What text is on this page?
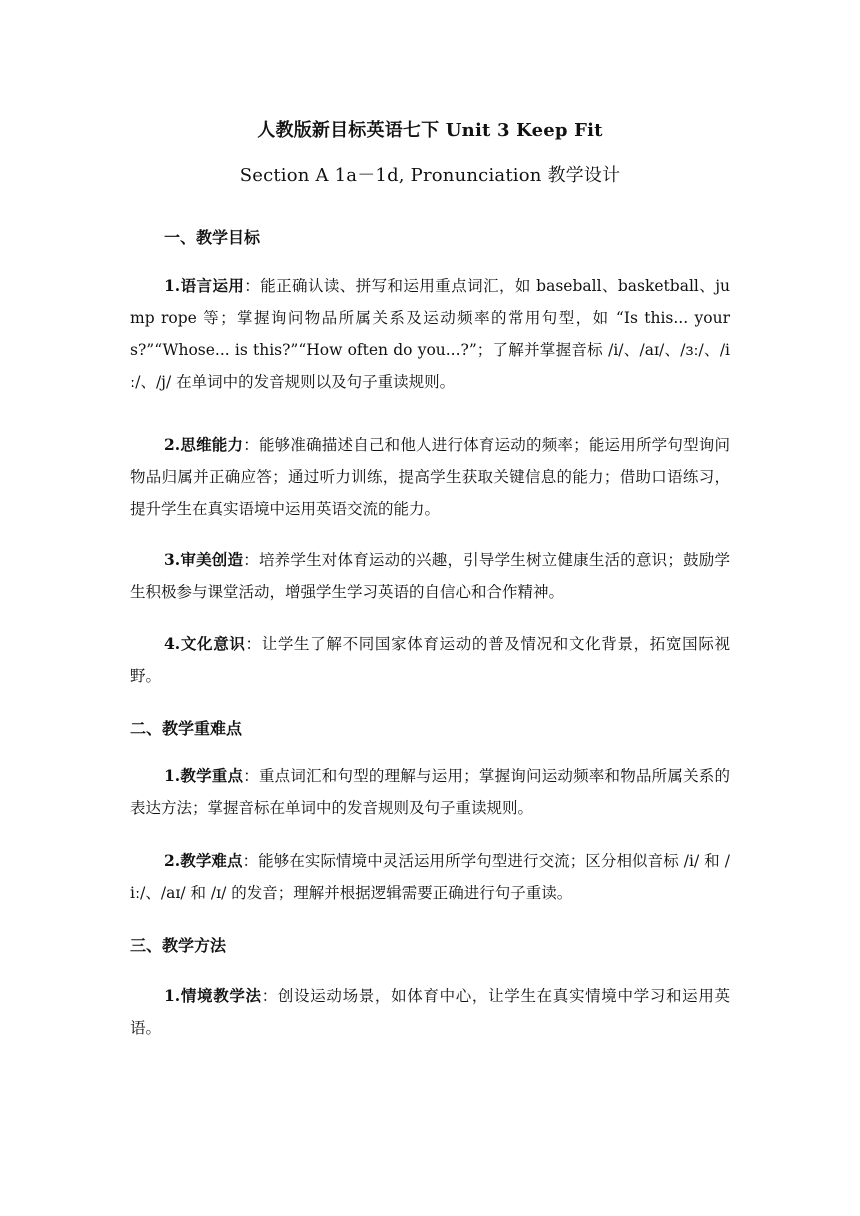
人教版新目标英语七下 Unit 3 Keep Fit
Section A 1a－1d, Pronunciation 教学设计
一、教学目标
1.语言运用：能正确认读、拼写和运用重点词汇，如 baseball、basketball、jump rope 等；掌握询问物品所属关系及运动频率的常用句型，如 “Is this... yours?”“Whose... is this?”“How often do you...?”；了解并掌握音标 /i/、/aɪ/、/ɜː/、/iː/、/j/ 在单词中的发音规则以及句子重读规则。
2.思维能力：能够准确描述自己和他人进行体育运动的频率；能运用所学句型询问物品归属并正确应答；通过听力训练，提高学生获取关键信息的能力；借助口语练习，提升学生在真实语境中运用英语交流的能力。
3.审美创造：培养学生对体育运动的兴趣，引导学生树立健康生活的意识；鼓励学生积极参与课堂活动，增强学生学习英语的自信心和合作精神。
4.文化意识：让学生了解不同国家体育运动的普及情况和文化背景，拓宽国际视野。
二、教学重难点
1.教学重点：重点词汇和句型的理解与运用；掌握询问运动频率和物品所属关系的表达方法；掌握音标在单词中的发音规则及句子重读规则。
2.教学难点：能够在实际情境中灵活运用所学句型进行交流；区分相似音标 /i/ 和 /iː/、/aɪ/ 和 /ɪ/ 的发音；理解并根据逻辑需要正确进行句子重读。
三、教学方法
1.情境教学法：创设运动场景，如体育中心，让学生在真实情境中学习和运用英语。
